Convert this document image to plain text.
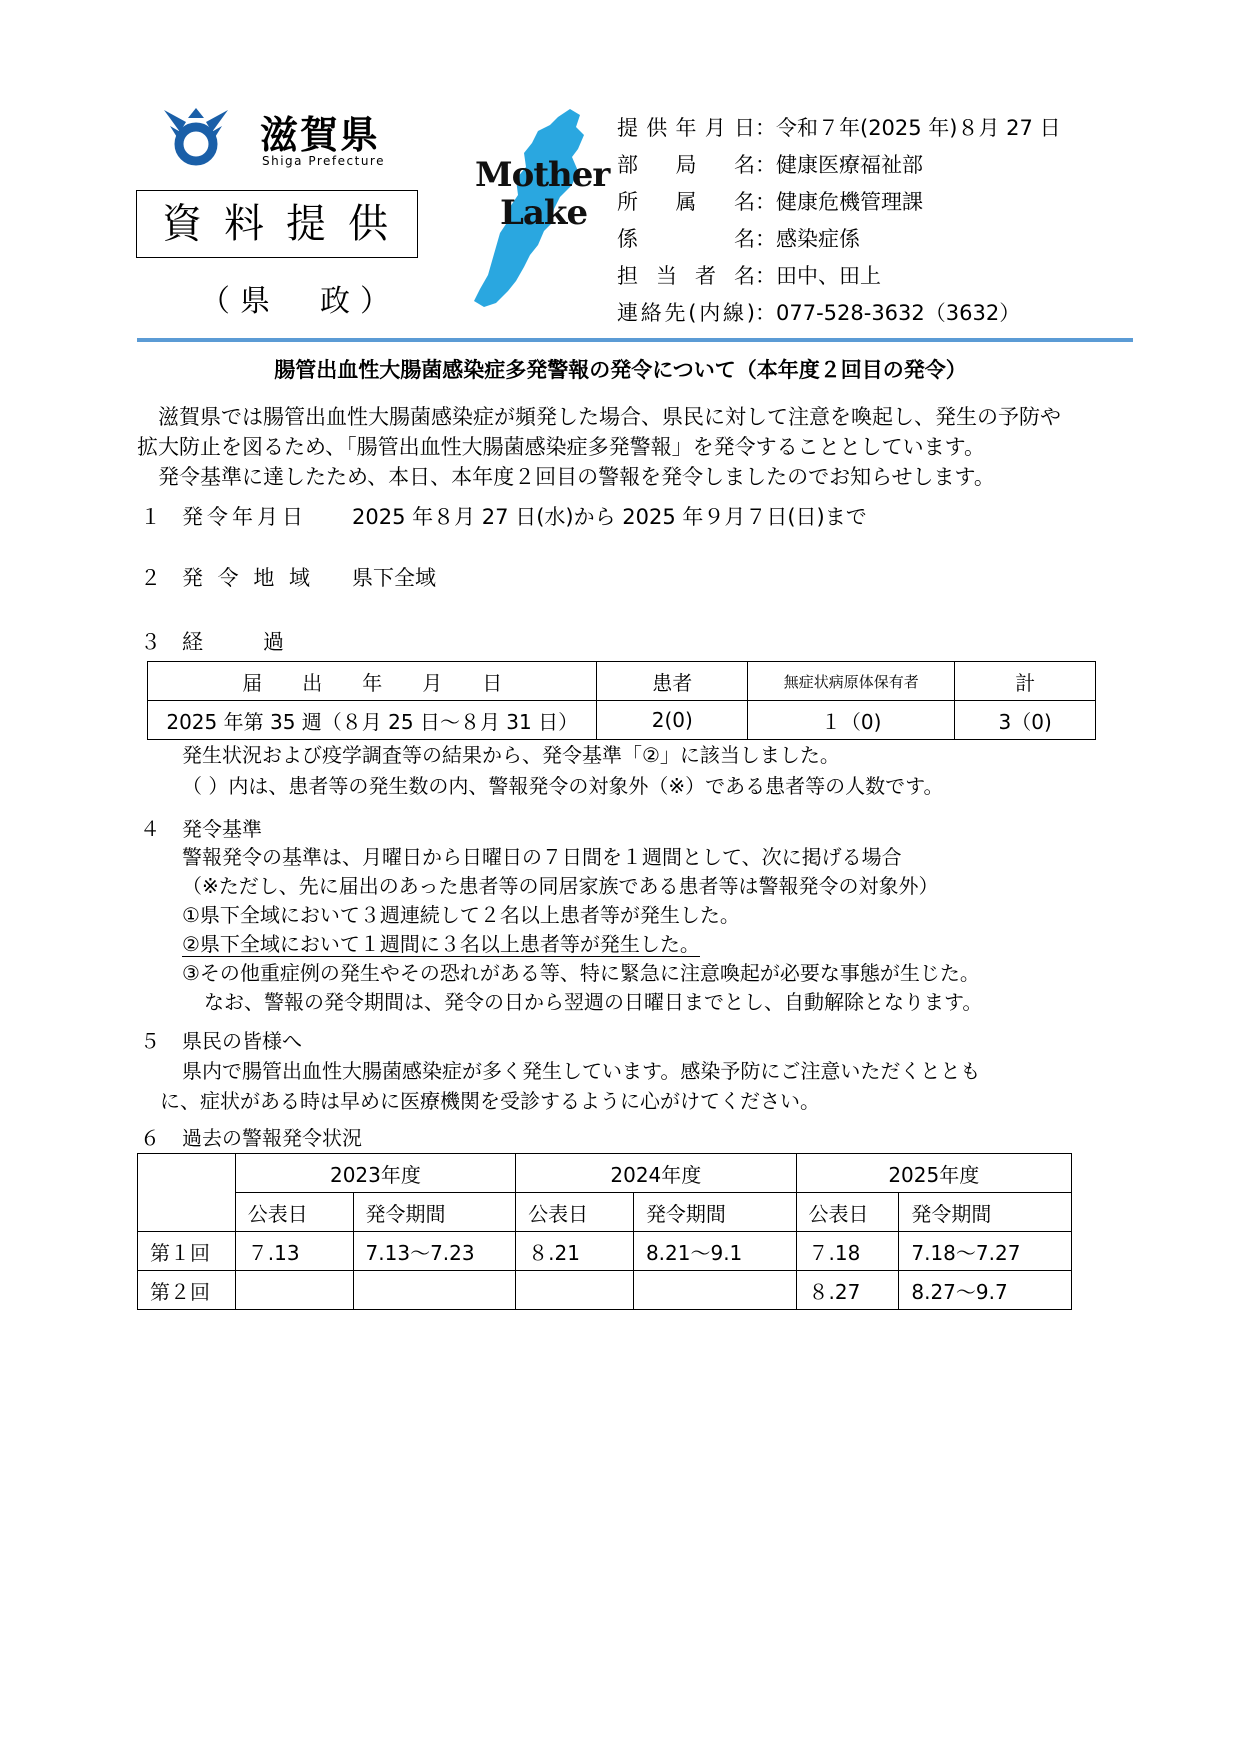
滋賀県
Shiga Prefecture
資料提供
（県　政）
Mother
Lake
提供年月日 ： 令和７年(2025 年)８月 27 日
部局名 ： 健康医療福祉部
所属名 ： 健康危機管理課
係名 ： 感染症係
担当者名 ： 田中、田上
連絡先(内線) ： 077-528-3632（3632）
腸管出血性大腸菌感染症多発警報の発令について（本年度２回目の発令）
滋賀県では腸管出血性大腸菌感染症が頻発した場合、県民に対して注意を喚起し、発生の予防や
拡大防止を図るため、「腸管出血性大腸菌感染症多発警報」を発令することとしています。
発令基準に達したため、本日、本年度２回目の警報を発令しましたのでお知らせします。
１ 発令年月日 2025 年８月 27 日(水)から 2025 年９月７日(日)まで
２ 発 令 地 域 県下全域
３ 経　　過
届　　出　　年　　月　　日	患者	無症状病原体保有者	計
2025 年第 35 週（８月 25 日～８月 31 日）	2(0)	１（0)	3（0)
発生状況および疫学調査等の結果から、発令基準「②」に該当しました。
（ ）内は、患者等の発生数の内、警報発令の対象外（※）である患者等の人数です。
４ 発令基準
警報発令の基準は、月曜日から日曜日の７日間を１週間として、次に掲げる場合
（※ただし、先に届出のあった患者等の同居家族である患者等は警報発令の対象外）
①県下全域において３週連続して２名以上患者等が発生した。
②県下全域において１週間に３名以上患者等が発生した。
③その他重症例の発生やその恐れがある等、特に緊急に注意喚起が必要な事態が生じた。
なお、警報の発令期間は、発令の日から翌週の日曜日までとし、自動解除となります。
５ 県民の皆様へ
県内で腸管出血性大腸菌感染症が多く発生しています。感染予防にご注意いただくととも
に、症状がある時は早めに医療機関を受診するように心がけてください。
６ 過去の警報発令状況
	2023年度		2024年度		2025年度	
	公表日	発令期間	公表日	発令期間	公表日	発令期間
第１回	７.13	7.13～7.23	８.21	8.21～9.1	７.18	7.18～7.27
第２回					８.27	8.27～9.7
